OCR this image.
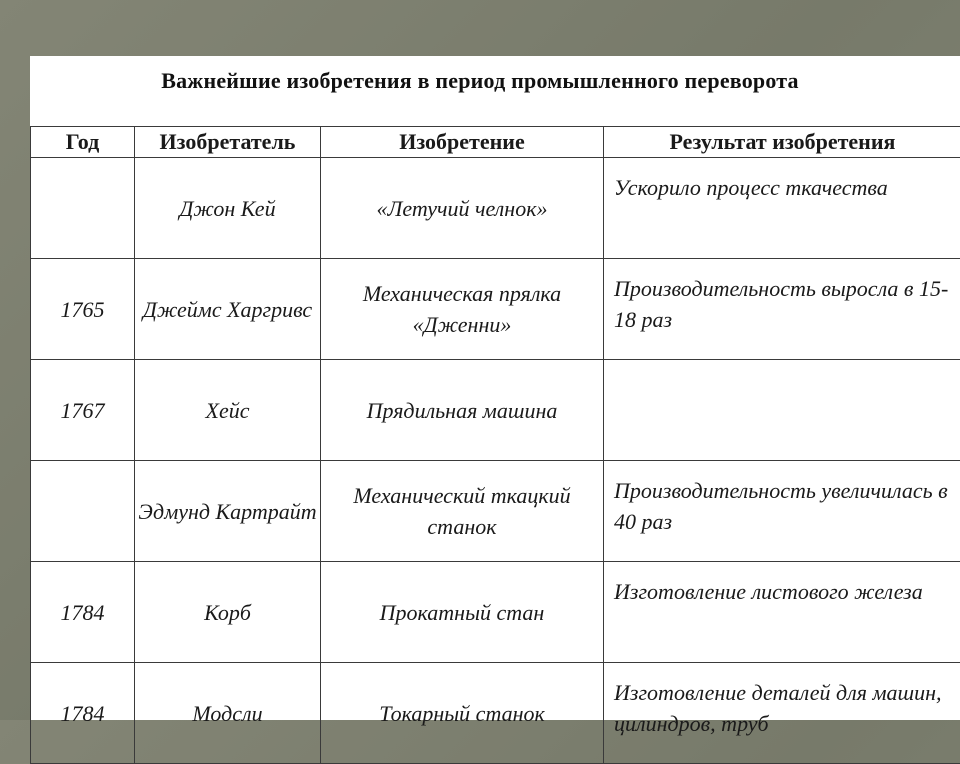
Важнейшие изобретения в период промышленного переворота
Год	Изобретатель	Изобретение	Результат изобретения
	Джон Кей	«Летучий челнок»	Ускорило процесс ткачества
1765	Джеймс Харгривс	Механическая прялка «Дженни»	Производительность выросла в 15-18 раз
1767	Хейс	Прядильная машина	
	Эдмунд Картрайт	Механический ткацкий станок	Производительность увеличилась в 40 раз
1784	Корб	Прокатный стан	Изготовление листового железа
1784	Модсли	Токарный станок	Изготовление деталей для машин, цилиндров, труб
